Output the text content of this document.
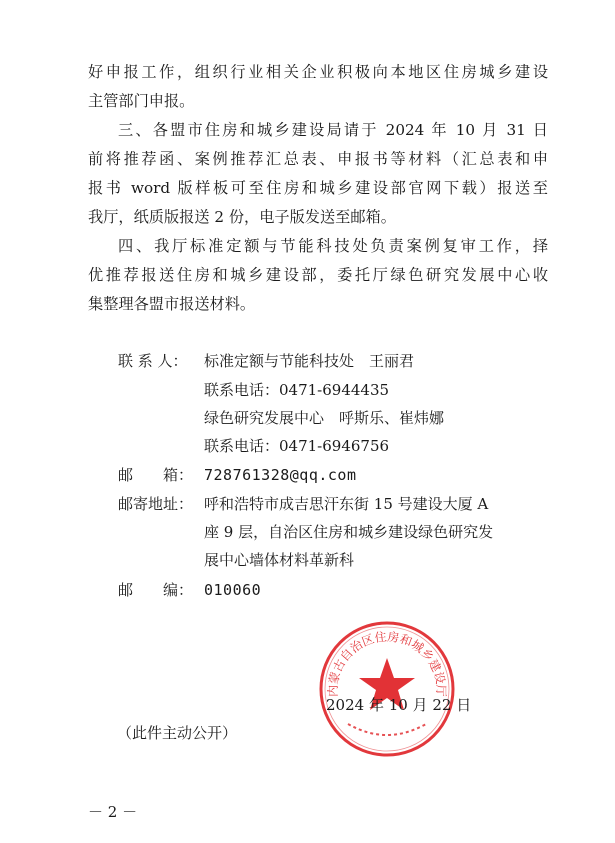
好申报工作，组织行业相关企业积极向本地区住房城乡建设
主管部门申报。
三、各盟市住房和城乡建设局请于 2024 年 10 月 31 日
前将推荐函、案例推荐汇总表、申报书等材料（汇总表和申
报书 word 版样板可至住房和城乡建设部官网下载）报送至
我厅，纸质版报送 2 份，电子版发送至邮箱。
四、我厅标准定额与节能科技处负责案例复审工作，择
优推荐报送住房和城乡建设部，委托厅绿色研究发展中心收
集整理各盟市报送材料。
联 系 人： 标准定额与节能科技处　王丽君
联系电话：0471-6944435
绿色研究发展中心　呼斯乐、崔炜娜
联系电话：0471-6946756
邮　　箱： 728761328@qq.com
邮寄地址： 呼和浩特市成吉思汗东街 15 号建设大厦 A
座 9 层，自治区住房和城乡建设绿色研究发
展中心墙体材料革新科
邮　　编： 010060
内蒙古自治区住房和城乡建设厅
2024 年 10 月 22 日
（此件主动公开）
－ 2 －
